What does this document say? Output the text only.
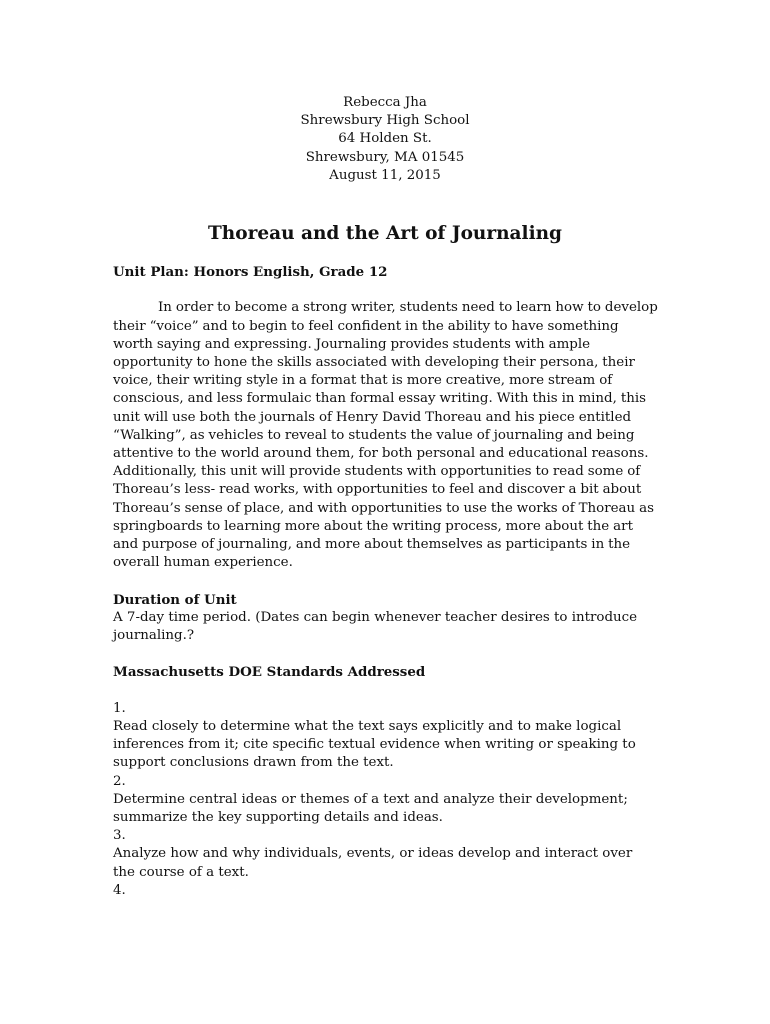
Rebecca Jha
Shrewsbury High School
64 Holden St.
Shrewsbury, MA 01545
August 11, 2015
Thoreau and the Art of Journaling

Unit Plan: Honors English, Grade 12

In order to become a strong writer, students need to learn how to develop their “voice” and to begin to feel confident in the ability to have something worth saying and expressing. Journaling provides students with ample opportunity to hone the skills associated with developing their persona, their voice, their writing style in a format that is more creative, more stream of conscious, and less formulaic than formal essay writing. With this in mind, this unit will use both the journals of Henry David Thoreau and his piece entitled “Walking”, as vehicles to reveal to students the value of journaling and being attentive to the world around them, for both personal and educational reasons. Additionally, this unit will provide students with opportunities to read some of Thoreau’s less- read works, with opportunities to feel and discover a bit about Thoreau’s sense of place, and with opportunities to use the works of Thoreau as springboards to learning more about the writing process, more about the art and purpose of journaling, and more about themselves as participants in the overall human experience.

Duration of Unit

A 7-day time period. (Dates can begin whenever teacher desires to introduce journaling.?

Massachusetts DOE Standards Addressed

1.

Read closely to determine what the text says explicitly and to make logical inferences from it; cite specific textual evidence when writing or speaking to support conclusions drawn from the text.

2.

Determine central ideas or themes of a text and analyze their development; summarize the key supporting details and ideas.

3.

Analyze how and why individuals, events, or ideas develop and interact over the course of a text.

4.
